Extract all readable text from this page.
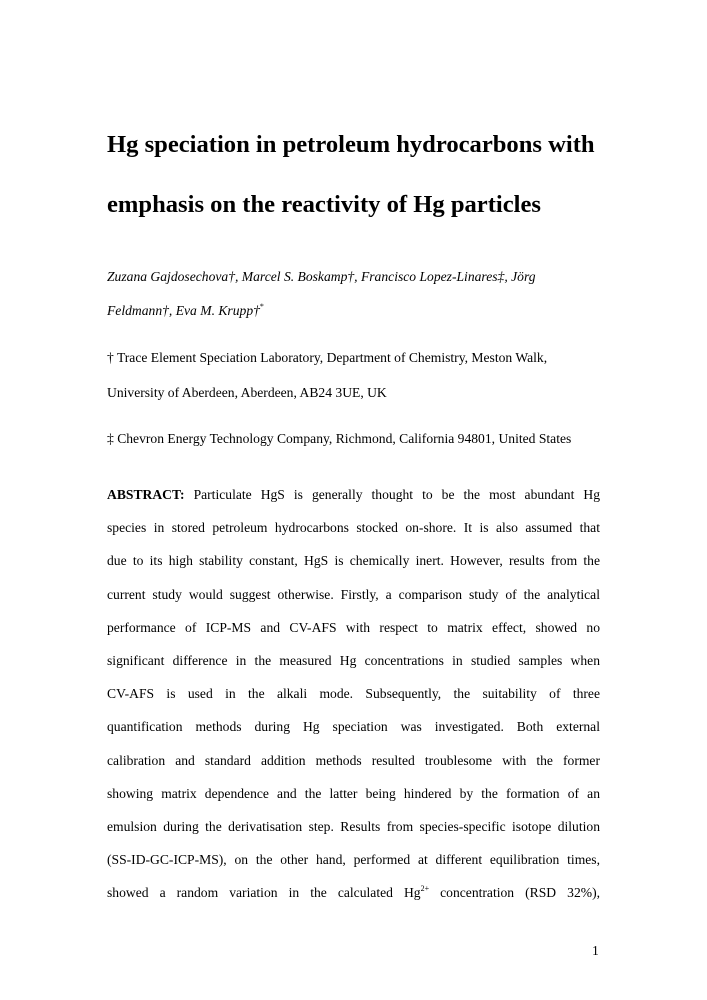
Hg speciation in petroleum hydrocarbons with
emphasis on the reactivity of Hg particles
Zuzana Gajdosechova†, Marcel S. Boskamp†, Francisco Lopez-Linares‡, Jörg
Feldmann†, Eva M. Krupp†*
† Trace Element Speciation Laboratory, Department of Chemistry, Meston Walk,
University of Aberdeen, Aberdeen, AB24 3UE, UK
‡ Chevron Energy Technology Company, Richmond, California 94801, United States
ABSTRACT: Particulate HgS is generally thought to be the most abundant Hg
species in stored petroleum hydrocarbons stocked on-shore. It is also assumed that
due to its high stability constant, HgS is chemically inert. However, results from the
current study would suggest otherwise. Firstly, a comparison study of the analytical
performance of ICP-MS and CV-AFS with respect to matrix effect, showed no
significant difference in the measured Hg concentrations in studied samples when
CV-AFS is used in the alkali mode. Subsequently, the suitability of three
quantification methods during Hg speciation was investigated. Both external
calibration and standard addition methods resulted troublesome with the former
showing matrix dependence and the latter being hindered by the formation of an
emulsion during the derivatisation step. Results from species-specific isotope dilution
(SS-ID-GC-ICP-MS), on the other hand, performed at different equilibration times,
showed a random variation in the calculated $Hg^{2+}$ concentration (RSD 32%),
1
